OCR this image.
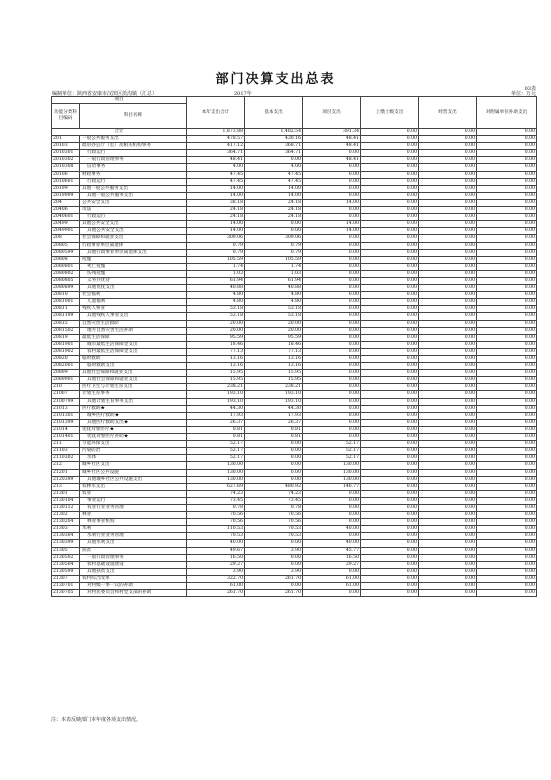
部门决算支出总表
03表
编制单位：陕西省安康市汉滨区茨沟镇（汇总）	2017年	单位：万元
项目		本年支出合计	基本支出	项目支出	上缴上级支出	经营支出	对附属单位补助支出
功能分类科目编码	科目名称						
合计		1,873.88	1,482.54	391.34	0.00	0.00	0.00
201	一般公共服务支出	478.57	430.16	48.41	0.00	0.00	0.00
20103	政府办公厅（室）及相关机构事务	417.12	368.71	48.41	0.00	0.00	0.00
2010301	行政运行	364.71	364.71	0.00	0.00	0.00	0.00
2010302	一般行政管理事务	48.41	0.00	48.41	0.00	0.00	0.00
2010308	信访事务	4.00	4.00	0.00	0.00	0.00	0.00
20106	财政事务	47.45	47.45	0.00	0.00	0.00	0.00
2010601	行政运行	47.45	47.45	0.00	0.00	0.00	0.00
20199	其他一般公共服务支出	14.00	14.00	0.00	0.00	0.00	0.00
2019999	其他一般公共服务支出	14.00	14.00	0.00	0.00	0.00	0.00
204	公共安全支出	38.18	24.18	14.00	0.00	0.00	0.00
20406	司法	24.18	24.18	0.00	0.00	0.00	0.00
2040601	行政运行	24.18	24.18	0.00	0.00	0.00	0.00
20499	其他公共安全支出	14.00	0.00	14.00	0.00	0.00	0.00
2049901	其他公共安全支出	14.00	0.00	14.00	0.00	0.00	0.00
208	社会保障和就业支出	309.06	309.06	0.00	0.00	0.00	0.00
20805	行政事业单位离退休	0.79	0.79	0.00	0.00	0.00	0.00
2080599	其他行政事业单位离退休支出	0.79	0.79	0.00	0.00	0.00	0.00
20808	抚恤	105.59	105.59	0.00	0.00	0.00	0.00
2080801	死亡抚恤	1.74	1.74	0.00	0.00	0.00	0.00
2080802	伤残抚恤	1.03	1.03	0.00	0.00	0.00	0.00
2080805	义务兵优待	61.94	61.94	0.00	0.00	0.00	0.00
2080899	其他优抚支出	40.88	40.88	0.00	0.00	0.00	0.00
20810	社会福利	4.80	4.80	0.00	0.00	0.00	0.00
2081001	儿童福利	4.80	4.80	0.00	0.00	0.00	0.00
20811	残疾人事业	53.18	53.18	0.00	0.00	0.00	0.00
2081199	其他残疾人事业支出	53.18	53.18	0.00	0.00	0.00	0.00
20815	自然灾害生活救助	20.00	20.00	0.00	0.00	0.00	0.00
2081502	地方自然灾害生活补助	20.00	20.00	0.00	0.00	0.00	0.00
20819	最低生活保障	95.59	95.59	0.00	0.00	0.00	0.00
2081901	城市最低生活保障金支出	18.46	18.46	0.00	0.00	0.00	0.00
2081902	农村最低生活保障金支出	77.13	77.13	0.00	0.00	0.00	0.00
20820	临时救助	13.16	13.16	0.00	0.00	0.00	0.00
2082001	临时救助支出	13.16	13.16	0.00	0.00	0.00	0.00
20899	其他社会保障和就业支出	15.95	15.95	0.00	0.00	0.00	0.00
2089901	其他社会保障和就业支出	15.95	15.95	0.00	0.00	0.00	0.00
210	医疗卫生与计划生育支出	238.21	238.21	0.00	0.00	0.00	0.00
21007	计划生育事务	193.10	193.10	0.00	0.00	0.00	0.00
2100799	其他计划生育事务支出	193.10	193.10	0.00	0.00	0.00	0.00
21013	医疗救助★	44.30	44.30	0.00	0.00	0.00	0.00
2101301	城乡医疗救助★	17.93	17.93	0.00	0.00	0.00	0.00
2101399	其他医疗救助支出★	26.37	26.37	0.00	0.00	0.00	0.00
21014	优抚对象医疗★	0.81	0.81	0.00	0.00	0.00	0.00
2101401	优抚对象医疗补助★	0.81	0.81	0.00	0.00	0.00	0.00
211	节能环保支出	52.17	0.00	52.17	0.00	0.00	0.00
21103	污染防治	52.17	0.00	52.17	0.00	0.00	0.00
2110302	水体	52.17	0.00	52.17	0.00	0.00	0.00
212	城乡社区支出	130.00	0.00	130.00	0.00	0.00	0.00
21201	城乡社区公共设施	130.00	0.00	130.00	0.00	0.00	0.00
2120399	其他城乡社区公共设施支出	130.00	0.00	130.00	0.00	0.00	0.00
213	农林水支出	627.69	480.92	146.77	0.00	0.00	0.00
21301	农业	74.23	74.23	0.00	0.00	0.00	0.00
2130104	事业运行	73.45	73.45	0.00	0.00	0.00	0.00
2130112	农业行业业务管理	0.78	0.78	0.00	0.00	0.00	0.00
21302	林业	70.56	70.56	0.00	0.00	0.00	0.00
2130204	林业事业机构	70.56	70.56	0.00	0.00	0.00	0.00
21303	水利	110.53	70.53	40.00	0.00	0.00	0.00
2130304	水利行业业务管理	70.53	70.53	0.00	0.00	0.00	0.00
2130399	其他水利支出	40.00	0.00	40.00	0.00	0.00	0.00
21305	扶贫	49.67	3.90	45.77	0.00	0.00	0.00
2130502	一般行政管理事务	16.50	0.00	16.50	0.00	0.00	0.00
2130504	农村基础设施建设	29.27	0.00	29.27	0.00	0.00	0.00
2130599	其他扶贫支出	3.90	3.90	0.00	0.00	0.00	0.00
21307	农村综合改革	322.70	261.70	61.00	0.00	0.00	0.00
2130701	对村级一事一议的补助	61.00	0.00	61.00	0.00	0.00	0.00
2130705	对村民委员会和村党支部的补助	261.70	261.70	0.00	0.00	0.00	0.00
注：本表反映部门本年度各项支出情况。
